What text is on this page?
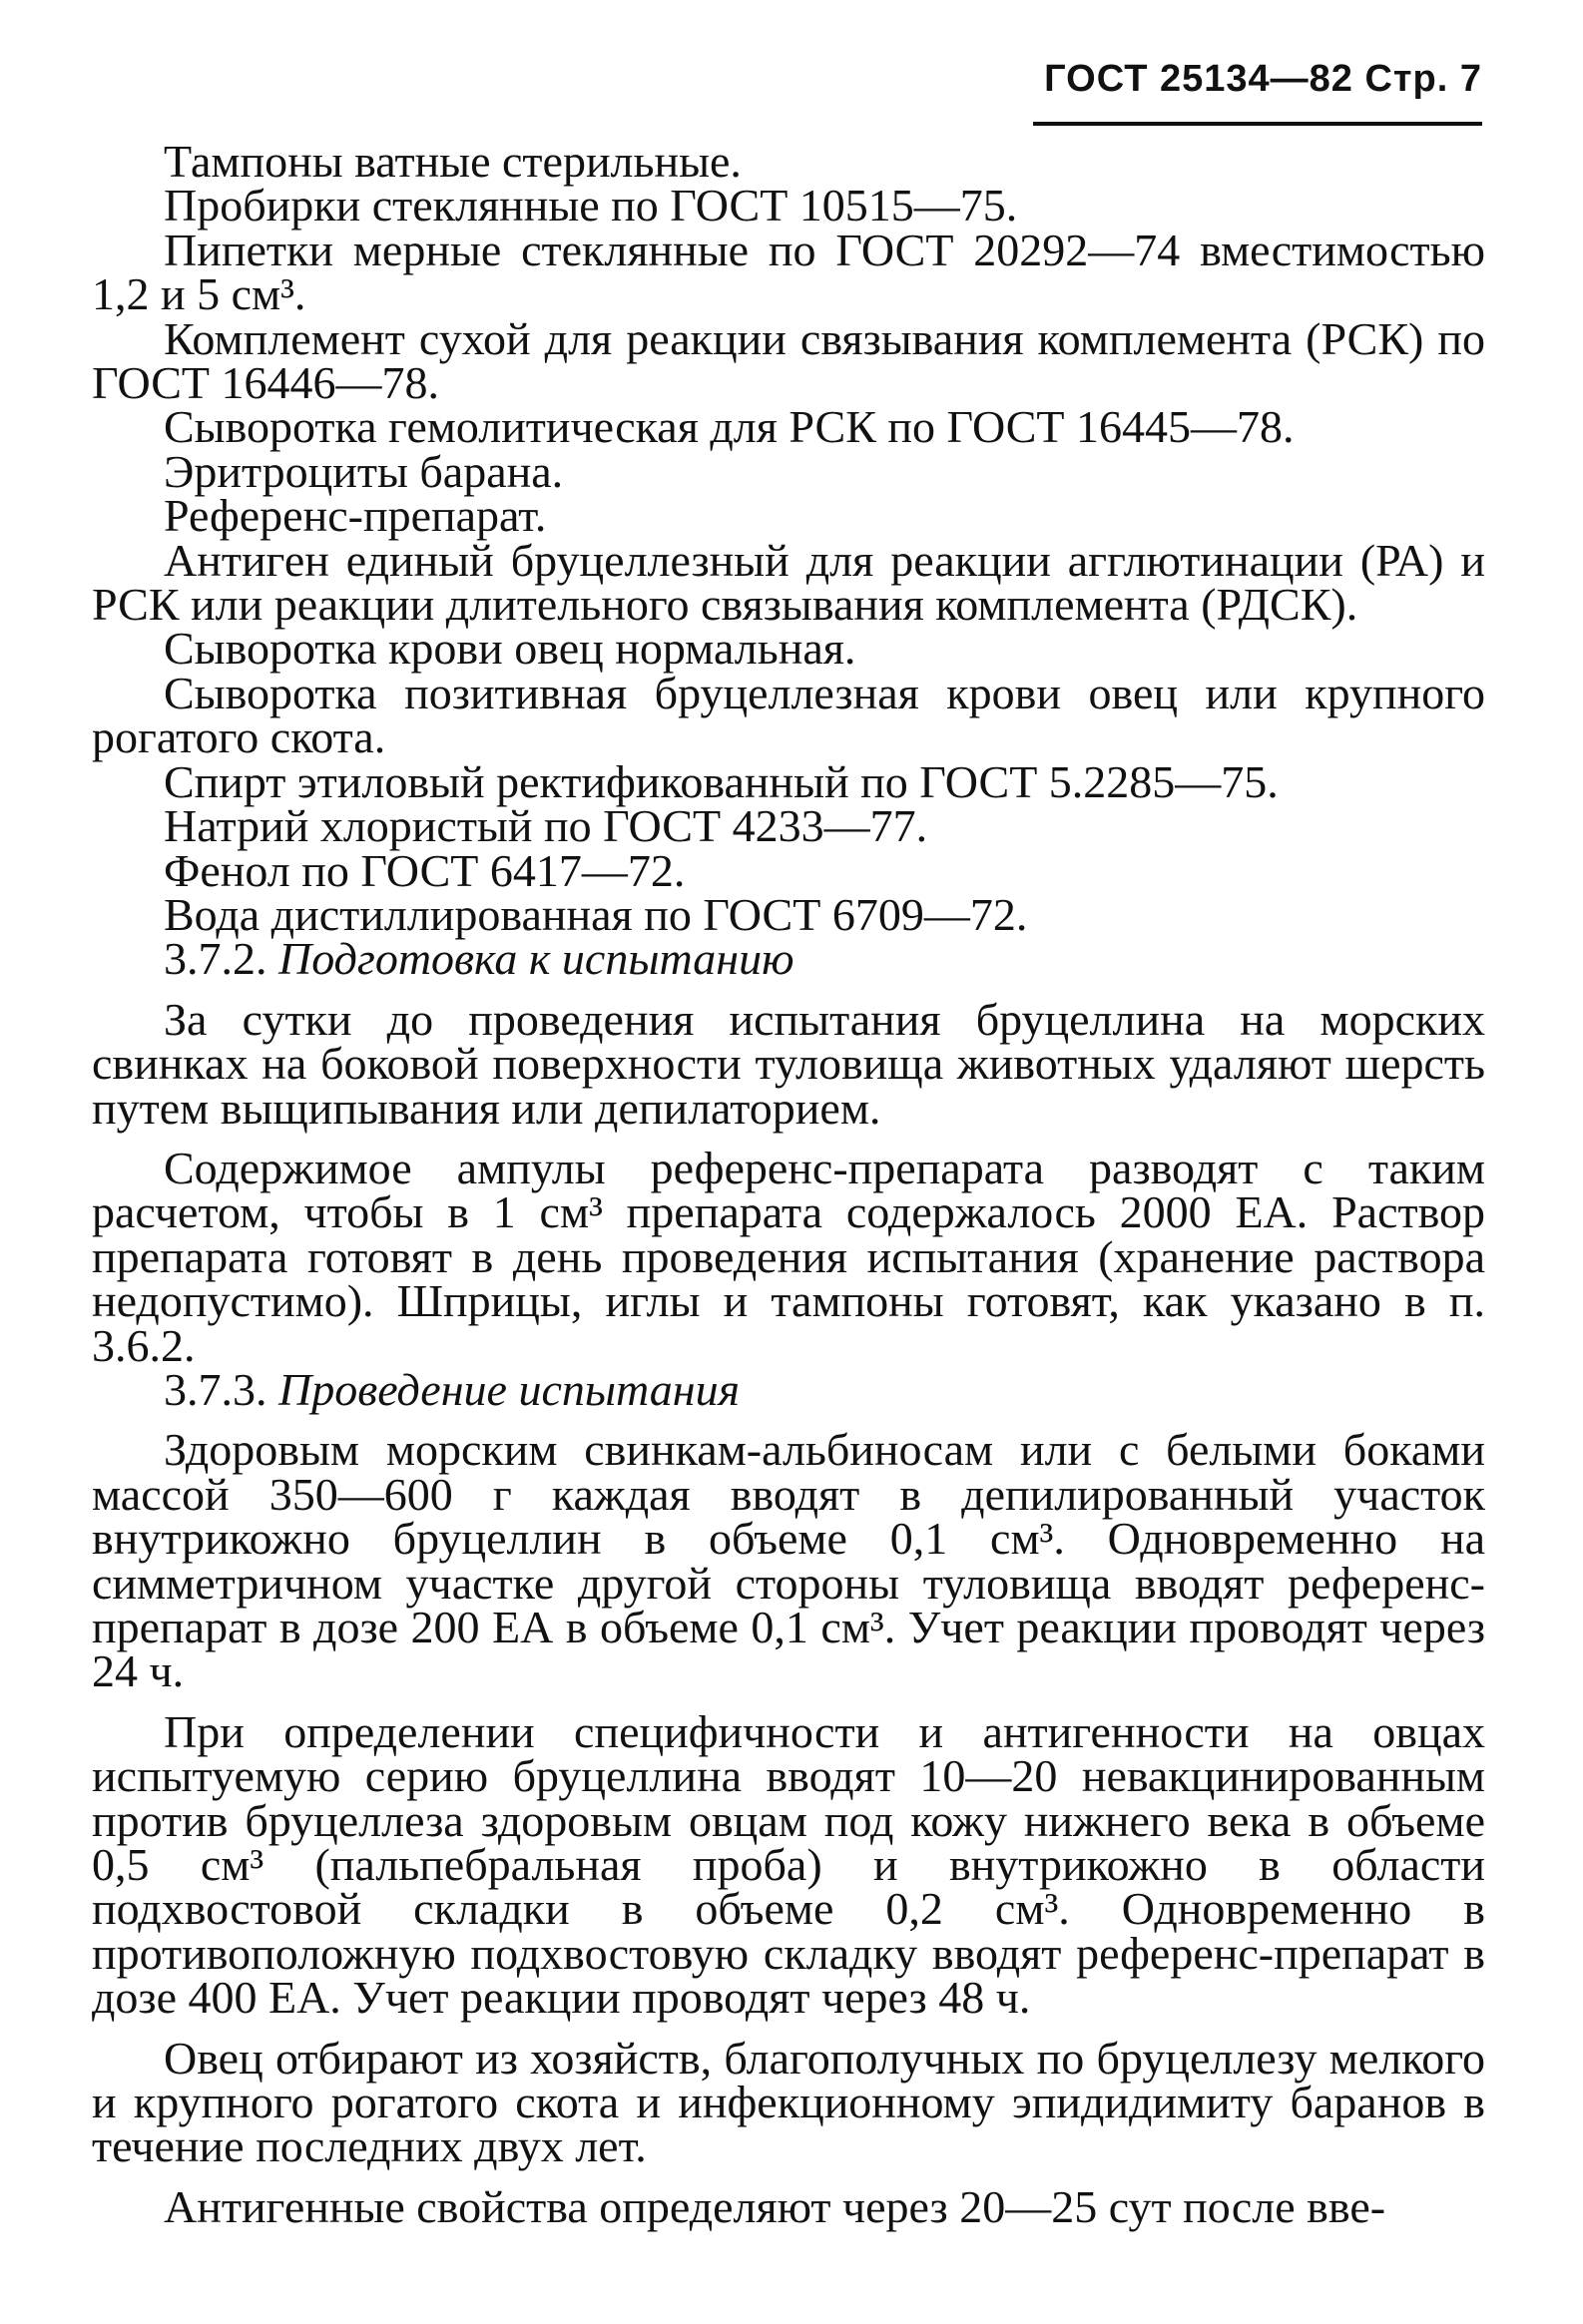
ГОСТ 25134—82 Стр. 7

Тампоны ватные стерильные.

Пробирки стеклянные по ГОСТ 10515—75.

Пипетки мерные стеклянные по ГОСТ 20292—74 вместимостью 1,2 и 5 см³.

Комплемент сухой для реакции связывания комплемента (РСК) по ГОСТ 16446—78.

Сыворотка гемолитическая для РСК по ГОСТ 16445—78.

Эритроциты барана.

Референс-препарат.

Антиген единый бруцеллезный для реакции агглютинации (РА) и РСК или реакции длительного связывания комплемента (РДСК).

Сыворотка крови овец нормальная.

Сыворотка позитивная бруцеллезная крови овец или крупного рогатого скота.

Спирт этиловый ректификованный по ГОСТ 5.2285—75.

Натрий хлористый по ГОСТ 4233—77.

Фенол по ГОСТ 6417—72.

Вода дистиллированная по ГОСТ 6709—72.

3.7.2. Подготовка к испытанию

За сутки до проведения испытания бруцеллина на морских свинках на боковой поверхности туловища животных удаляют шерсть путем выщипывания или депилаторием.

Содержимое ампулы референс-препарата разводят с таким расчетом, чтобы в 1 см³ препарата содержалось 2000 ЕА. Раствор препарата готовят в день проведения испытания (хранение раствора недопустимо). Шприцы, иглы и тампоны готовят, как указано в п. 3.6.2.

3.7.3. Проведение испытания

Здоровым морским свинкам-альбиносам или с белыми боками массой 350—600 г каждая вводят в депилированный участок внутрикожно бруцеллин в объеме 0,1 см³. Одновременно на симметричном участке другой стороны туловища вводят референс-препарат в дозе 200 ЕА в объеме 0,1 см³. Учет реакции проводят через 24 ч.

При определении специфичности и антигенности на овцах испытуемую серию бруцеллина вводят 10—20 невакцинированным против бруцеллеза здоровым овцам под кожу нижнего века в объеме 0,5 см³ (пальпебральная проба) и внутрикожно в области подхвостовой складки в объеме 0,2 см³. Одновременно в противоположную подхвостовую складку вводят референс-препарат в дозе 400 ЕА. Учет реакции проводят через 48 ч.

Овец отбирают из хозяйств, благополучных по бруцеллезу мелкого и крупного рогатого скота и инфекционному эпидидимиту баранов в течение последних двух лет.

Антигенные свойства определяют через 20—25 сут после вве-
